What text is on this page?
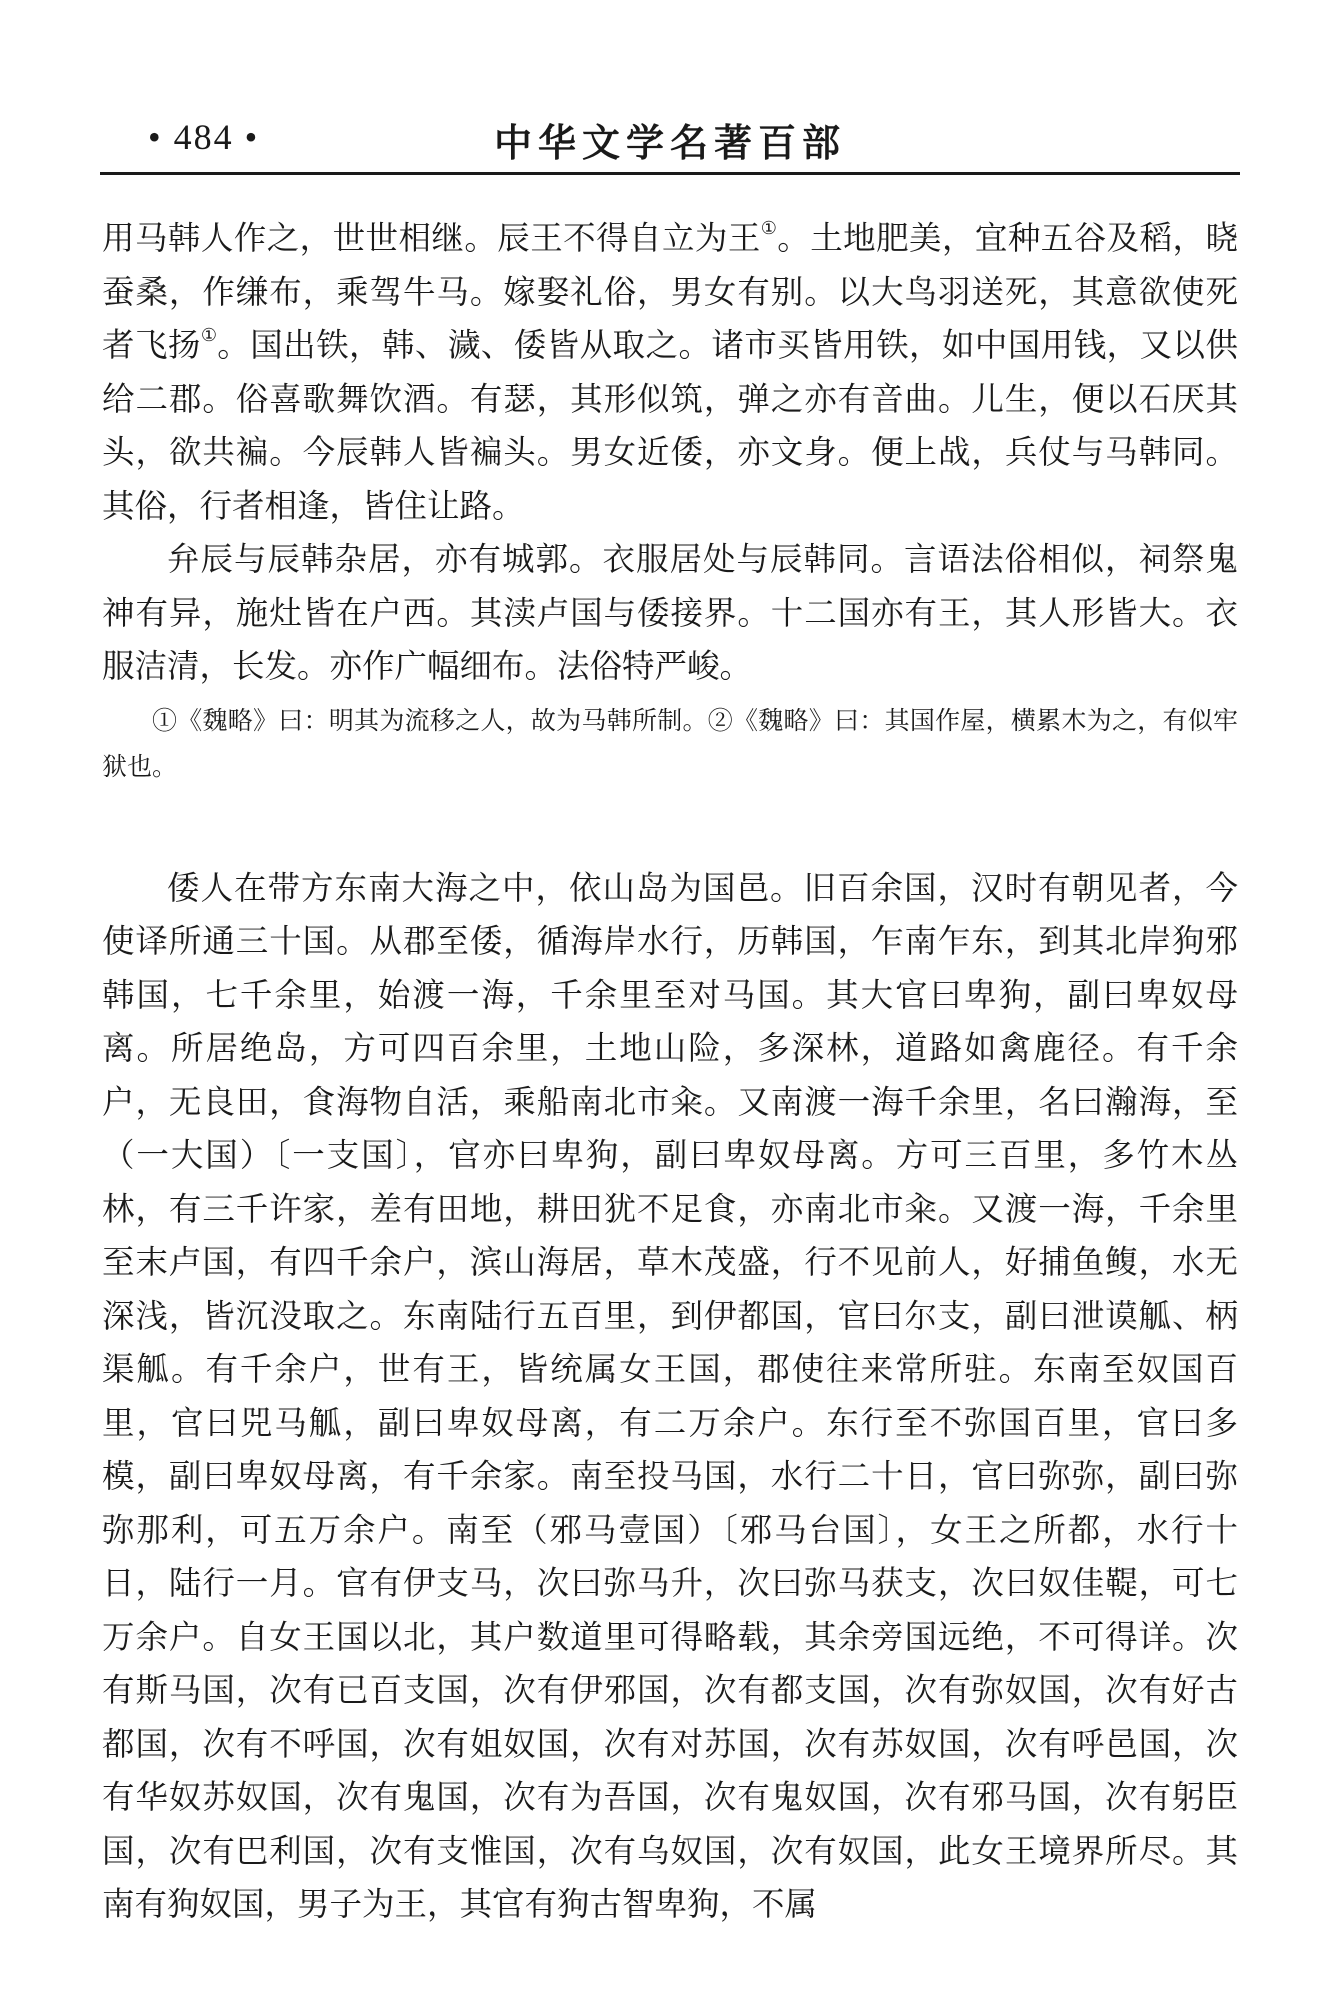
• 484 •	中华文学名著百部

用马韩人作之，世世相继。辰王不得自立为王①。土地肥美，宜种五谷及稻，晓蚕桑，作缣布，乘驾牛马。嫁娶礼俗，男女有别。以大鸟羽送死，其意欲使死者飞扬①。国出铁，韩、濊、倭皆从取之。诸市买皆用铁，如中国用钱，又以供给二郡。俗喜歌舞饮酒。有瑟，其形似筑，弹之亦有音曲。儿生，便以石厌其头，欲共褊。今辰韩人皆褊头。男女近倭，亦文身。便上战，兵仗与马韩同。其俗，行者相逢，皆住让路。

弁辰与辰韩杂居，亦有城郭。衣服居处与辰韩同。言语法俗相似，祠祭鬼神有异，施灶皆在户西。其渎卢国与倭接界。十二国亦有王，其人形皆大。衣服洁清，长发。亦作广幅细布。法俗特严峻。

①《魏略》曰：明其为流移之人，故为马韩所制。②《魏略》曰：其国作屋，横累木为之，有似牢狱也。

倭人在带方东南大海之中，依山岛为国邑。旧百余国，汉时有朝见者，今使译所通三十国。从郡至倭，循海岸水行，历韩国，乍南乍东，到其北岸狗邪韩国，七千余里，始渡一海，千余里至对马国。其大官曰卑狗，副曰卑奴母离。所居绝岛，方可四百余里，土地山险，多深林，道路如禽鹿径。有千余户，无良田，食海物自活，乘船南北市籴。又南渡一海千余里，名曰瀚海，至（一大国）〔一支国〕，官亦曰卑狗，副曰卑奴母离。方可三百里，多竹木丛林，有三千许家，差有田地，耕田犹不足食，亦南北市籴。又渡一海，千余里至末卢国，有四千余户，滨山海居，草木茂盛，行不见前人，好捕鱼鳆，水无深浅，皆沉没取之。东南陆行五百里，到伊都国，官曰尔支，副曰泄谟觚、柄渠觚。有千余户，世有王，皆统属女王国，郡使往来常所驻。东南至奴国百里，官曰兕马觚，副曰卑奴母离，有二万余户。东行至不弥国百里，官曰多模，副曰卑奴母离，有千余家。南至投马国，水行二十日，官曰弥弥，副曰弥弥那利，可五万余户。南至（邪马壹国）〔邪马台国〕，女王之所都，水行十日，陆行一月。官有伊支马，次曰弥马升，次曰弥马获支，次曰奴佳鞮，可七万余户。自女王国以北，其户数道里可得略载，其余旁国远绝，不可得详。次有斯马国，次有已百支国，次有伊邪国，次有都支国，次有弥奴国，次有好古都国，次有不呼国，次有姐奴国，次有对苏国，次有苏奴国，次有呼邑国，次有华奴苏奴国，次有鬼国，次有为吾国，次有鬼奴国，次有邪马国，次有躬臣国，次有巴利国，次有支惟国，次有乌奴国，次有奴国，此女王境界所尽。其南有狗奴国，男子为王，其官有狗古智卑狗，不属
